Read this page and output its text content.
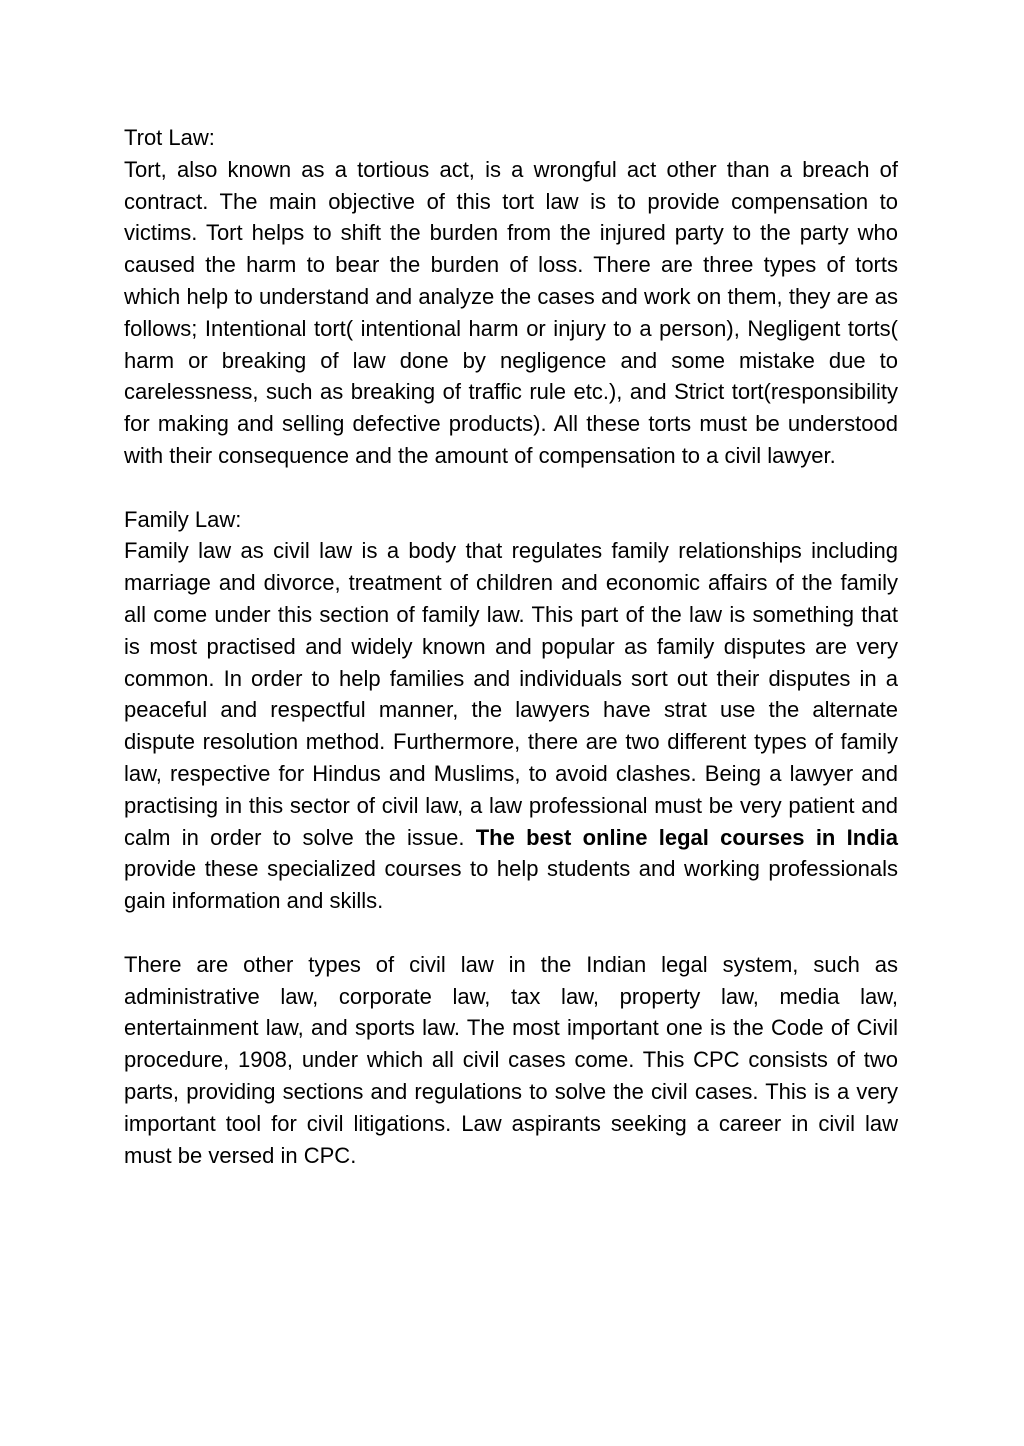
Trot Law:

Tort, also known as a tortious act, is a wrongful act other than a breach of contract. The main objective of this tort law is to provide compensation to victims. Tort helps to shift the burden from the injured party to the party who caused the harm to bear the burden of loss. There are three types of torts which help to understand and analyze the cases and work on them, they are as follows; Intentional tort( intentional harm or injury to a person), Negligent torts( harm or breaking of law done by negligence and some mistake due to carelessness, such as breaking of traffic rule etc.), and Strict tort(responsibility for making and selling defective products). All these torts must be understood with their consequence and the amount of compensation to a civil lawyer.

Family Law:

Family law as civil law is a body that regulates family relationships including marriage and divorce, treatment of children and economic affairs of the family all come under this section of family law. This part of the law is something that is most practised and widely known and popular as family disputes are very common. In order to help families and individuals sort out their disputes in a peaceful and respectful manner, the lawyers have strat use the alternate dispute resolution method. Furthermore, there are two different types of family law, respective for Hindus and Muslims, to avoid clashes. Being a lawyer and practising in this sector of civil law, a law professional must be very patient and calm in order to solve the issue. The best online legal courses in India provide these specialized courses to help students and working professionals gain information and skills.

There are other types of civil law in the Indian legal system, such as administrative law, corporate law, tax law, property law, media law, entertainment law, and sports law. The most important one is the Code of Civil procedure, 1908, under which all civil cases come. This CPC consists of two parts, providing sections and regulations to solve the civil cases. This is a very important tool for civil litigations. Law aspirants seeking a career in civil law must be versed in CPC.
